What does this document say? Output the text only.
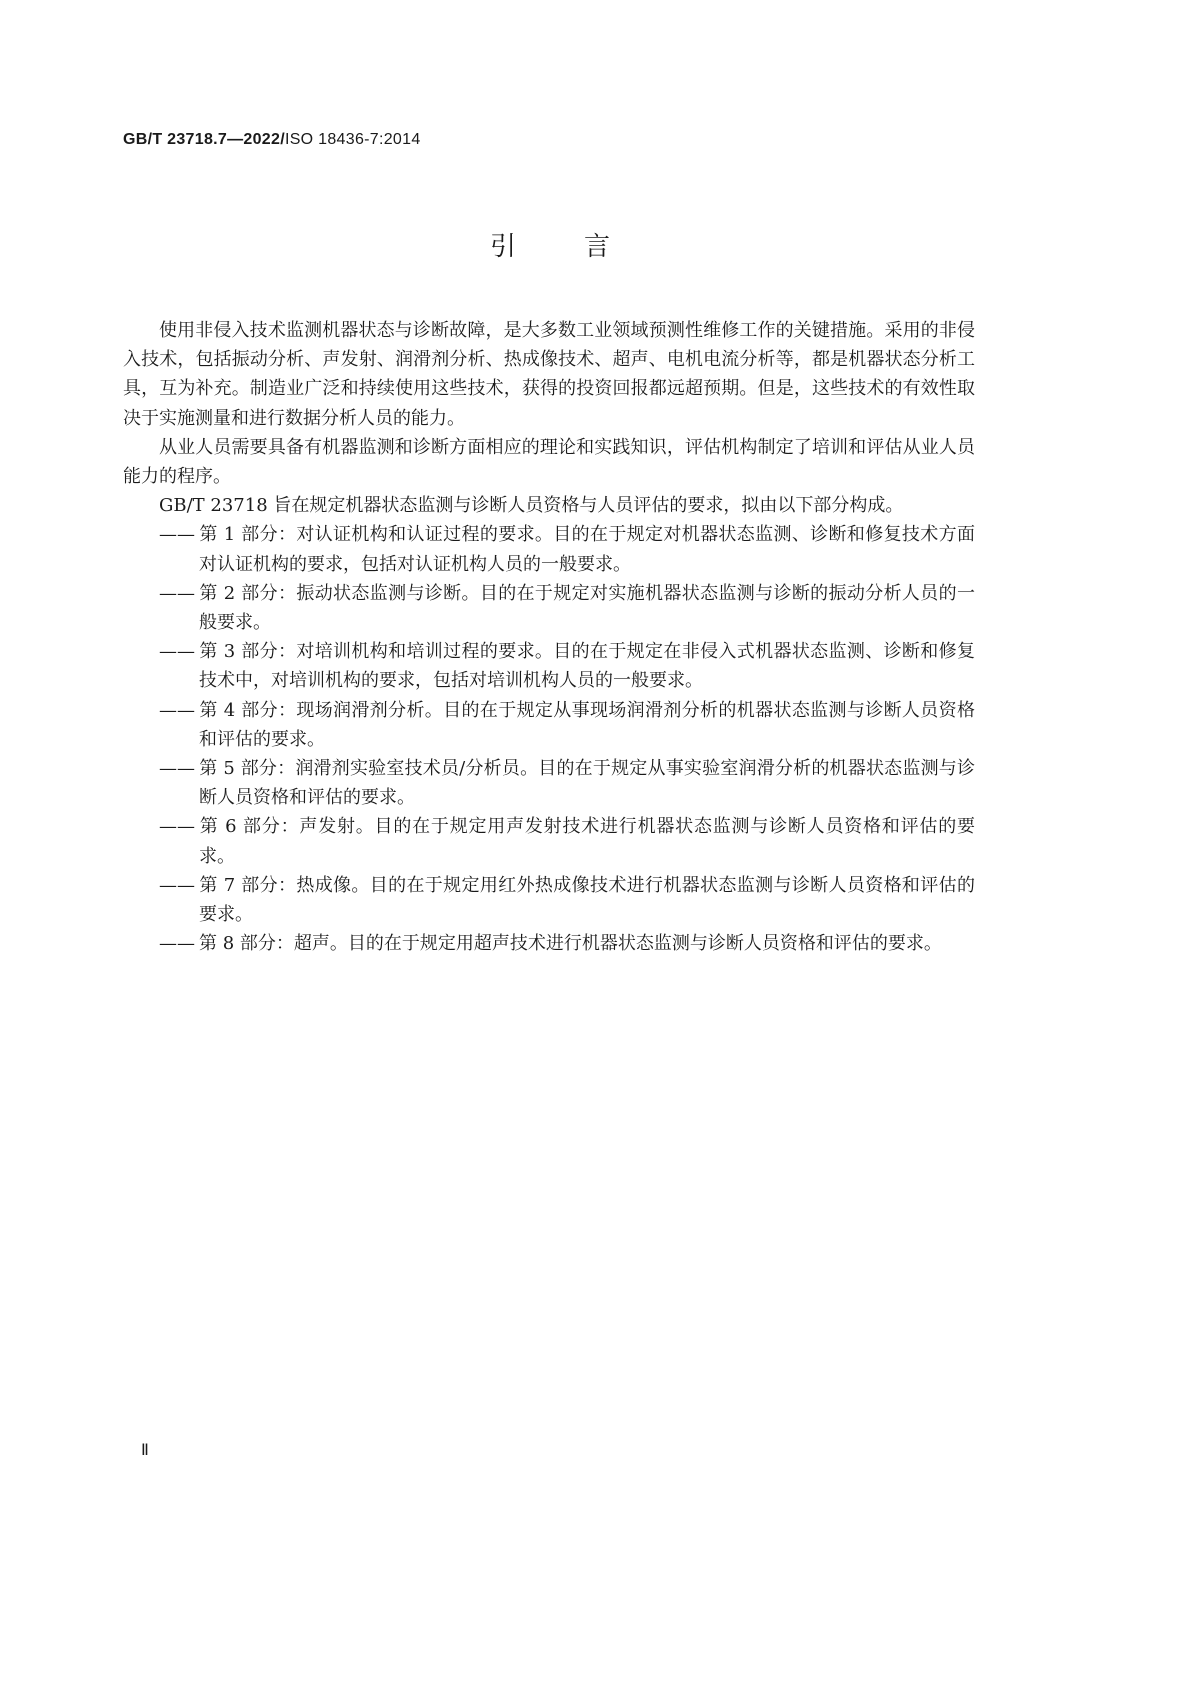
GB/T 23718.7—2022/ISO 18436-7:2014
引言

使用非侵入技术监测机器状态与诊断故障，是大多数工业领域预测性维修工作的关键措施。采用的非侵入技术，包括振动分析、声发射、润滑剂分析、热成像技术、超声、电机电流分析等，都是机器状态分析工具，互为补充。制造业广泛和持续使用这些技术，获得的投资回报都远超预期。但是，这些技术的有效性取决于实施测量和进行数据分析人员的能力。

从业人员需要具备有机器监测和诊断方面相应的理论和实践知识，评估机构制定了培训和评估从业人员能力的程序。

GB/T 23718 旨在规定机器状态监测与诊断人员资格与人员评估的要求，拟由以下部分构成。

—— 第 1 部分：对认证机构和认证过程的要求。目的在于规定对机器状态监测、诊断和修复技术方面对认证机构的要求，包括对认证机构人员的一般要求。
—— 第 2 部分：振动状态监测与诊断。目的在于规定对实施机器状态监测与诊断的振动分析人员的一般要求。
—— 第 3 部分：对培训机构和培训过程的要求。目的在于规定在非侵入式机器状态监测、诊断和修复技术中，对培训机构的要求，包括对培训机构人员的一般要求。
—— 第 4 部分：现场润滑剂分析。目的在于规定从事现场润滑剂分析的机器状态监测与诊断人员资格和评估的要求。
—— 第 5 部分：润滑剂实验室技术员/分析员。目的在于规定从事实验室润滑分析的机器状态监测与诊断人员资格和评估的要求。
—— 第 6 部分：声发射。目的在于规定用声发射技术进行机器状态监测与诊断人员资格和评估的要求。
—— 第 7 部分：热成像。目的在于规定用红外热成像技术进行机器状态监测与诊断人员资格和评估的要求。
—— 第 8 部分：超声。目的在于规定用超声技术进行机器状态监测与诊断人员资格和评估的要求。
Ⅱ
